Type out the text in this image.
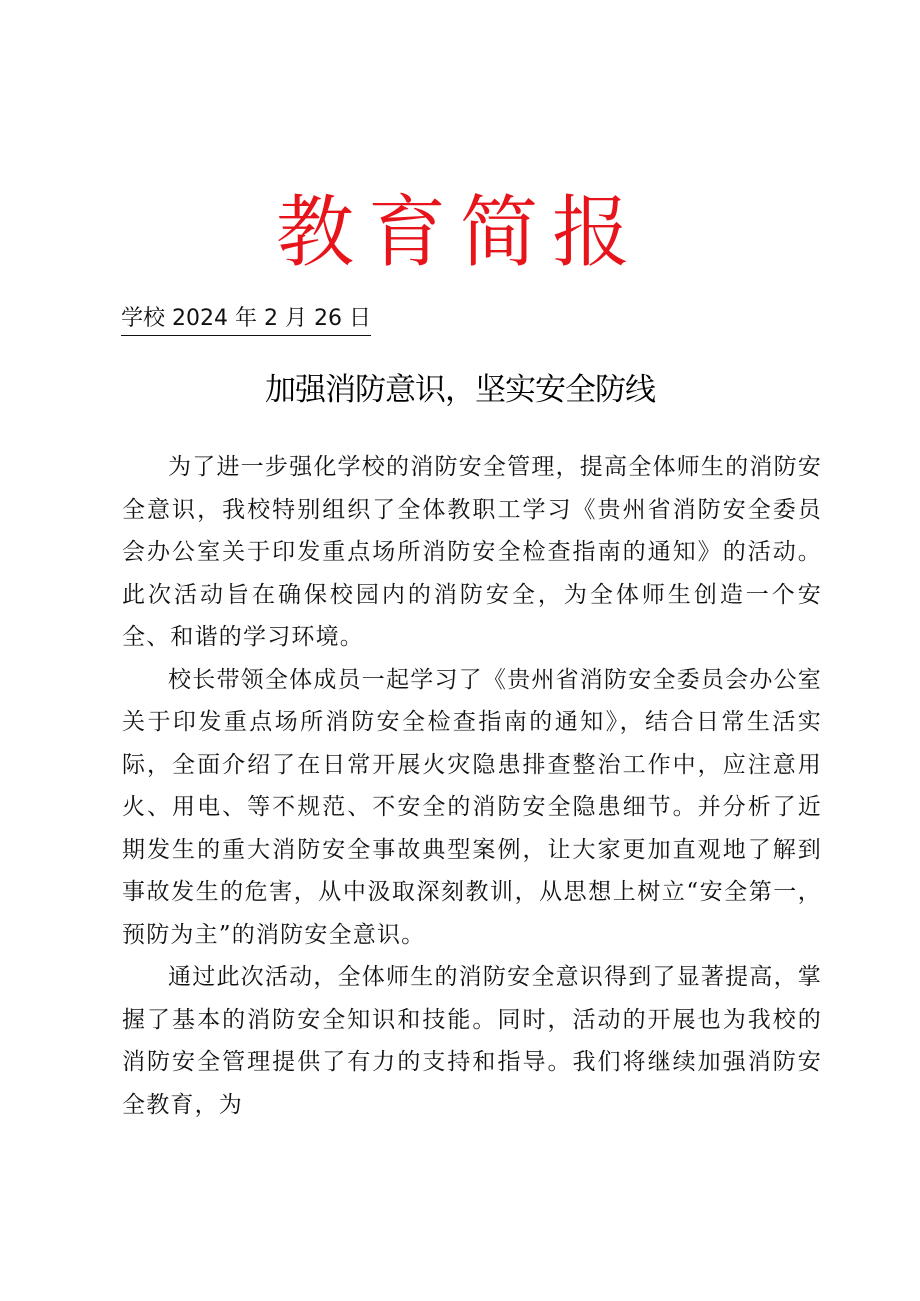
教育简报
学校 2024 年 2 月 26 日
加强消防意识，坚实安全防线

为了进一步强化学校的消防安全管理，提高全体师生的消防安全意识，我校特别组织了全体教职工学习《贵州省消防安全委员会办公室关于印发重点场所消防安全检查指南的通知》的活动。此次活动旨在确保校园内的消防安全，为全体师生创造一个安全、和谐的学习环境。

校长带领全体成员一起学习了《贵州省消防安全委员会办公室关于印发重点场所消防安全检查指南的通知》，结合日常生活实际，全面介绍了在日常开展火灾隐患排查整治工作中，应注意用火、用电、等不规范、不安全的消防安全隐患细节。并分析了近期发生的重大消防安全事故典型案例，让大家更加直观地了解到事故发生的危害，从中汲取深刻教训，从思想上树立“安全第一，预防为主”的消防安全意识。

通过此次活动，全体师生的消防安全意识得到了显著提高，掌握了基本的消防安全知识和技能。同时，活动的开展也为我校的消防安全管理提供了有力的支持和指导。我们将继续加强消防安全教育，为
